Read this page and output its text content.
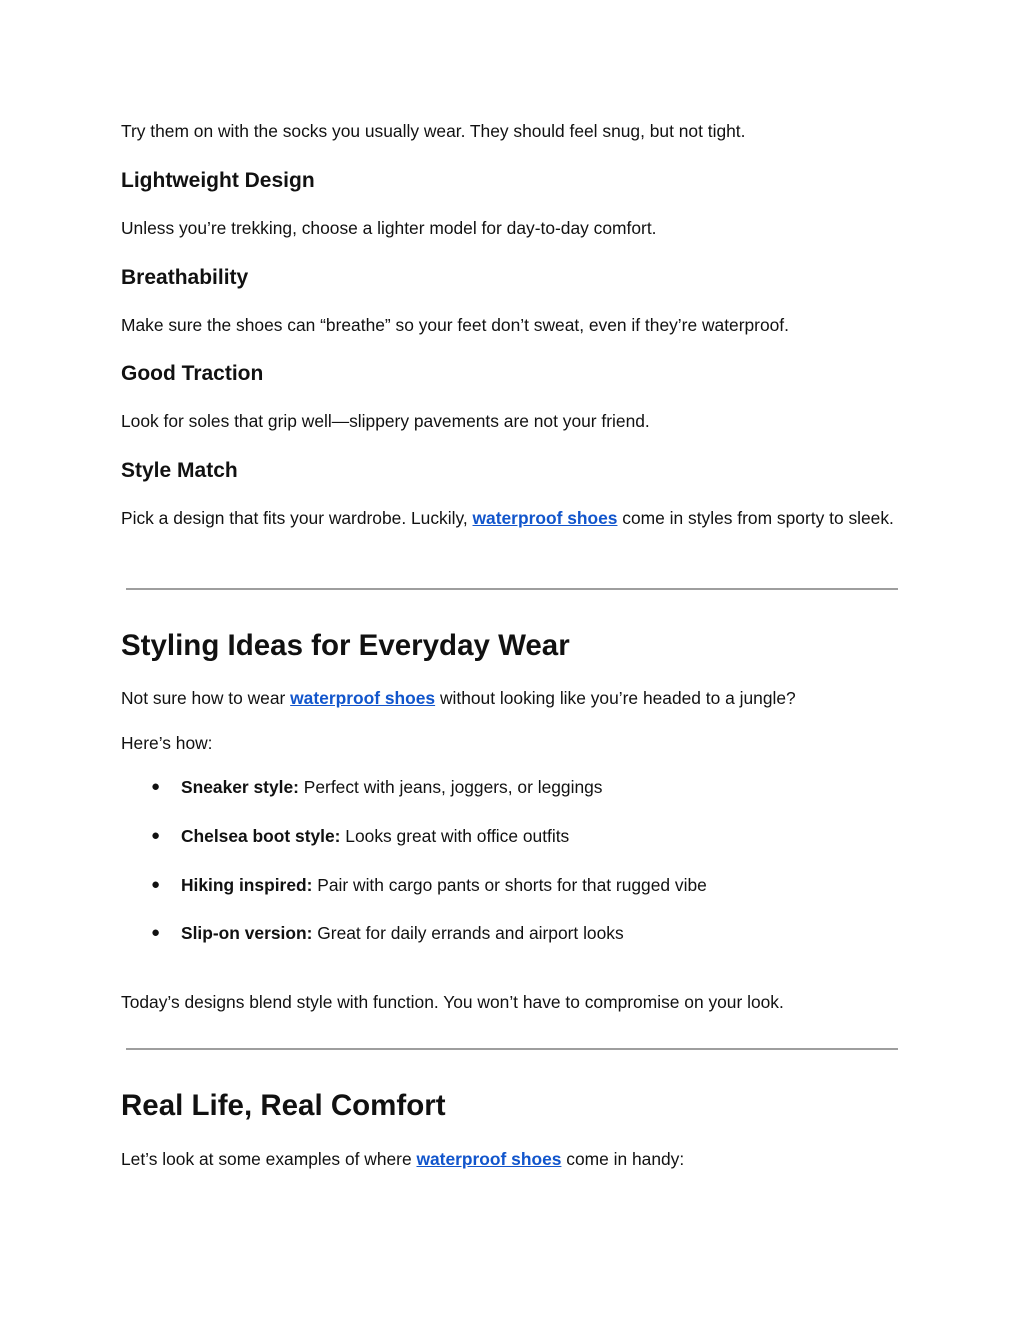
Try them on with the socks you usually wear. They should feel snug, but not tight.
Lightweight Design
Unless you’re trekking, choose a lighter model for day-to-day comfort.
Breathability
Make sure the shoes can “breathe” so your feet don’t sweat, even if they’re waterproof.
Good Traction
Look for soles that grip well—slippery pavements are not your friend.
Style Match
Pick a design that fits your wardrobe. Luckily, waterproof shoes come in styles from sporty to sleek.
Styling Ideas for Everyday Wear
Not sure how to wear waterproof shoes without looking like you’re headed to a jungle?
Here’s how:
● Sneaker style: Perfect with jeans, joggers, or leggings
● Chelsea boot style: Looks great with office outfits
● Hiking inspired: Pair with cargo pants or shorts for that rugged vibe
● Slip-on version: Great for daily errands and airport looks
Today’s designs blend style with function. You won’t have to compromise on your look.
Real Life, Real Comfort
Let’s look at some examples of where waterproof shoes come in handy:
